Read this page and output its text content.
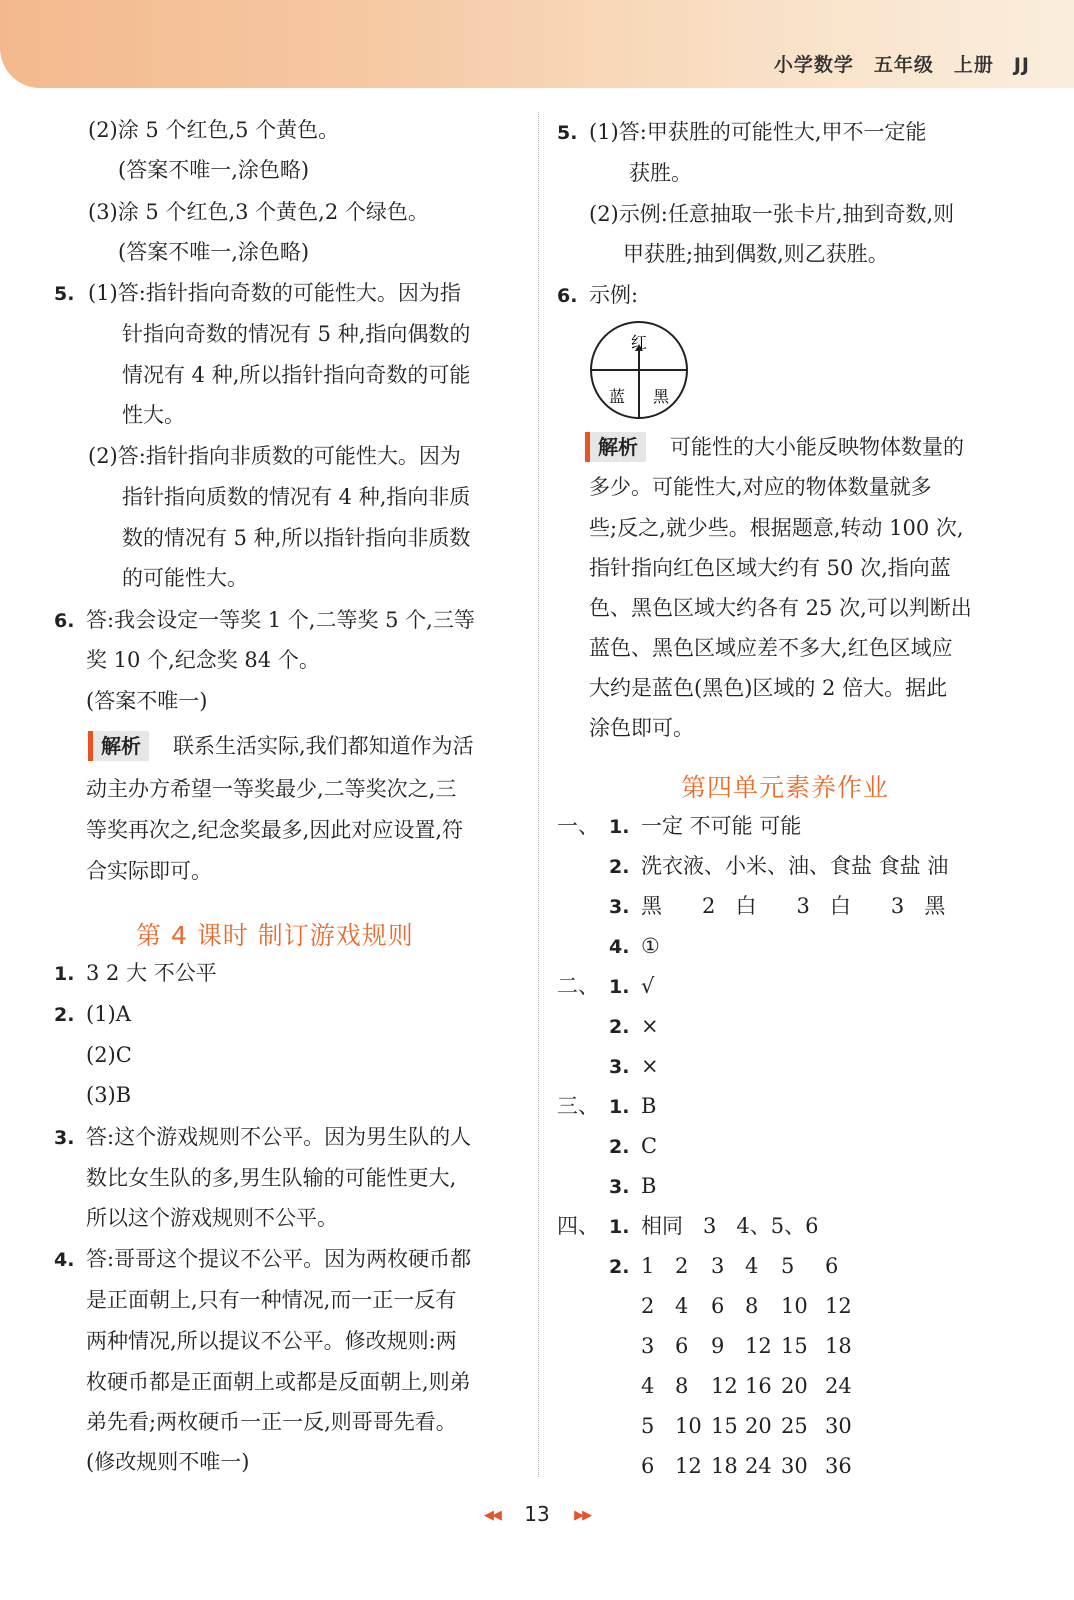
小学数学 五年级 上册 JJ
(2)涂 5 个红色,5 个黄色。
(答案不唯一,涂色略)
(3)涂 5 个红色,3 个黄色,2 个绿色。
(答案不唯一,涂色略)
5. (1)答:指针指向奇数的可能性大。因为指
针指向奇数的情况有 5 种,指向偶数的
情况有 4 种,所以指针指向奇数的可能
性大。
(2)答:指针指向非质数的可能性大。因为
指针指向质数的情况有 4 种,指向非质
数的情况有 5 种,所以指针指向非质数
的可能性大。
6. 答:我会设定一等奖 1 个,二等奖 5 个,三等
奖 10 个,纪念奖 84 个。
(答案不唯一)
解析 联系生活实际,我们都知道作为活
动主办方希望一等奖最少,二等奖次之,三
等奖再次之,纪念奖最多,因此对应设置,符
合实际即可。
第 4 课时 制订游戏规则
1. 3 2 大 不公平
2. (1)A
(2)C
(3)B
3. 答:这个游戏规则不公平。因为男生队的人
数比女生队的多,男生队输的可能性更大,
所以这个游戏规则不公平。
4. 答:哥哥这个提议不公平。因为两枚硬币都
是正面朝上,只有一种情况,而一正一反有
两种情况,所以提议不公平。修改规则:两
枚硬币都是正面朝上或都是反面朝上,则弟
弟先看;两枚硬币一正一反,则哥哥先看。
(修改规则不唯一)
5. (1)答:甲获胜的可能性大,甲不一定能
获胜。
(2)示例:任意抽取一张卡片,抽到奇数,则
甲获胜;抽到偶数,则乙获胜。
6. 示例:
红
蓝 黑
解析 可能性的大小能反映物体数量的
多少。可能性大,对应的物体数量就多
些;反之,就少些。根据题意,转动 100 次,
指针指向红色区域大约有 50 次,指向蓝
色、黑色区域大约各有 25 次,可以判断出
蓝色、黑色区域应差不多大,红色区域应
大约是蓝色(黑色)区域的 2 倍大。据此
涂色即可。
第四单元素养作业
一、 1. 一定 不可能 可能
2. 洗衣液、小米、油、食盐 食盐 油
3. 黑      2   白      3   白      3   黑
4. ①
二、 1. √
2. ×
3. ×
三、 1. B
2. C
3. B
四、 1. 相同   3   4、5、6
2. 1 2 3 4 5 6
2 4 6 8 10 12
3 6 9 12 15 18
4 8 12 16 20 24
5 10 15 20 25 30
6 12 18 24 30 36
◀◀ 13 ▶▶
